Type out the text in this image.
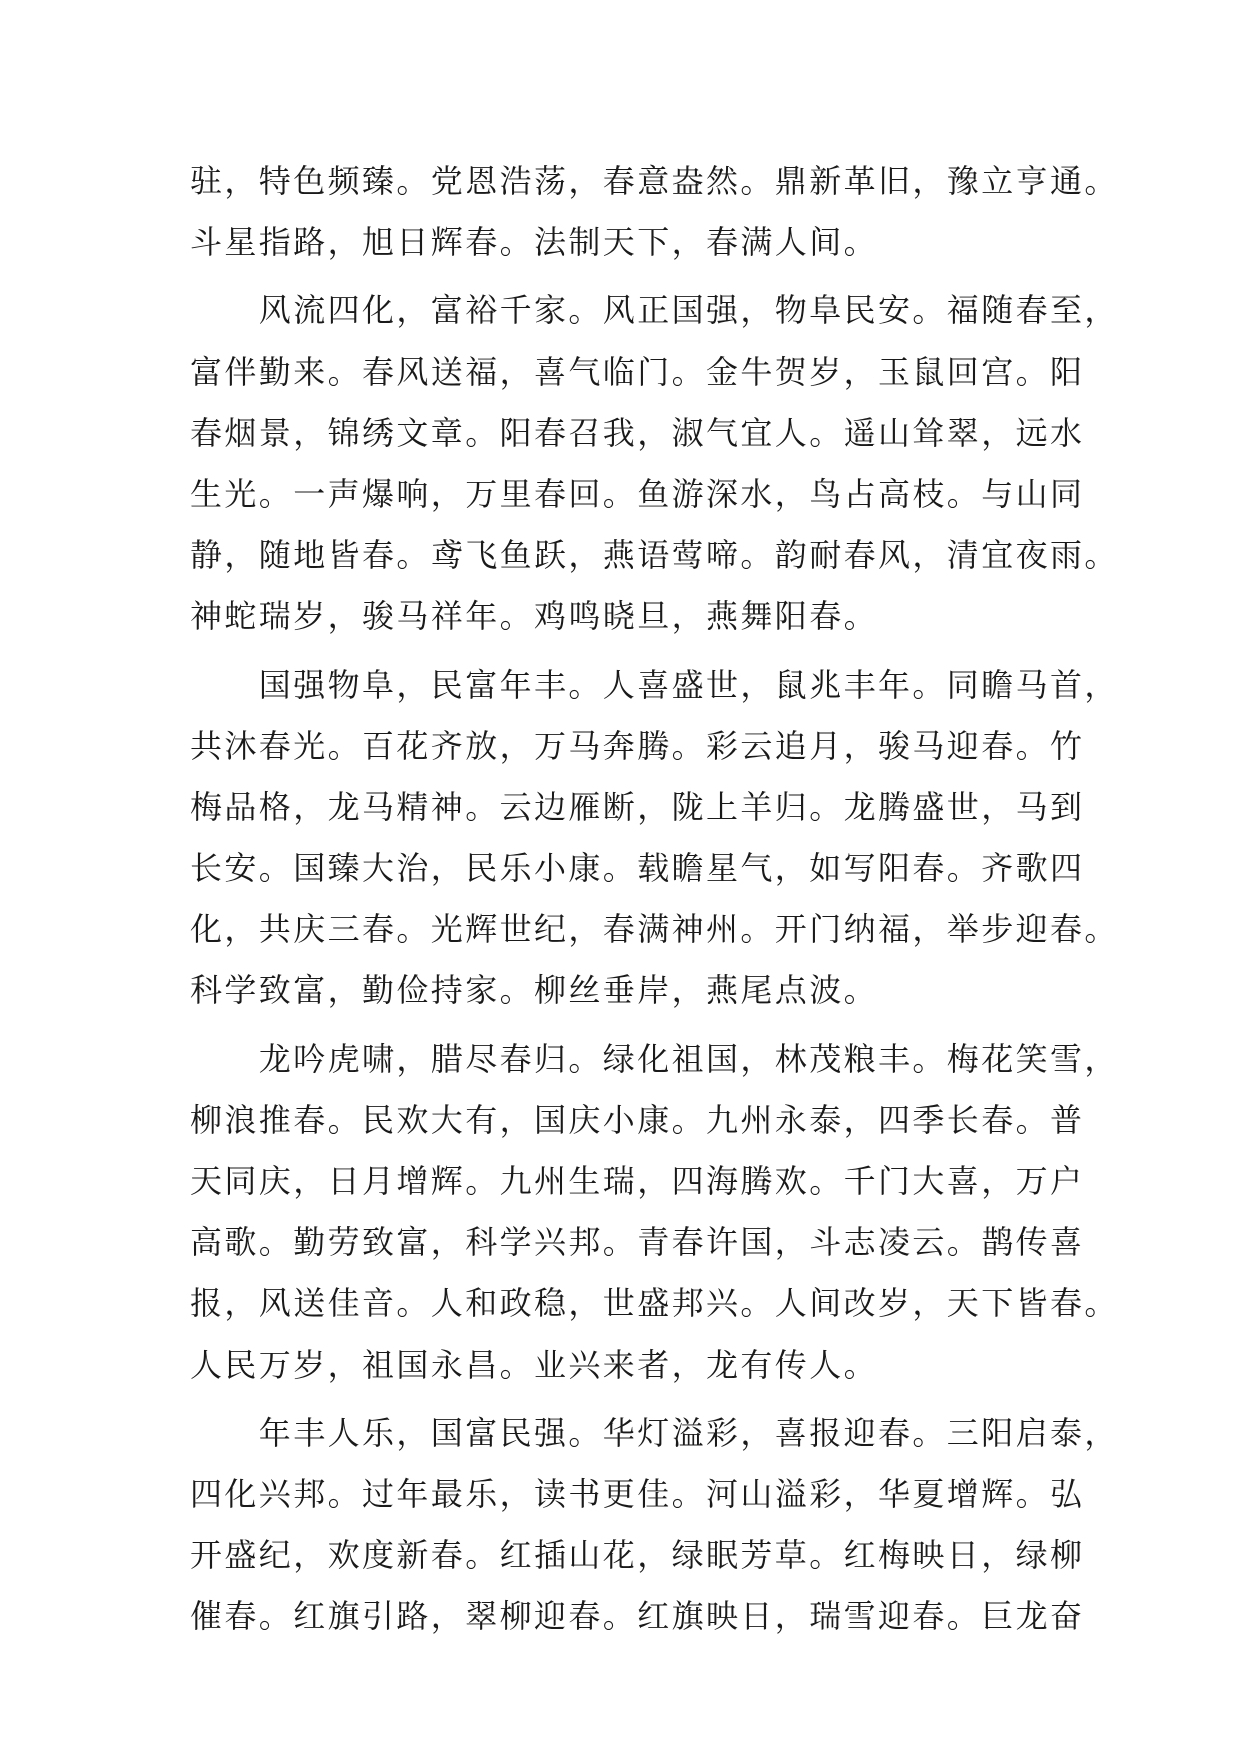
驻，特色频臻。党恩浩荡，春意盎然。鼎新革旧，豫立亨通。
斗星指路，旭日辉春。法制天下，春满人间。
　　风流四化，富裕千家。风正国强，物阜民安。福随春至，
富伴勤来。春风送福，喜气临门。金牛贺岁，玉鼠回宫。阳
春烟景，锦绣文章。阳春召我，淑气宜人。遥山耸翠，远水
生光。一声爆响，万里春回。鱼游深水，鸟占高枝。与山同
静，随地皆春。鸢飞鱼跃，燕语莺啼。韵耐春风，清宜夜雨。
神蛇瑞岁，骏马祥年。鸡鸣晓旦，燕舞阳春。
　　国强物阜，民富年丰。人喜盛世，鼠兆丰年。同瞻马首，
共沐春光。百花齐放，万马奔腾。彩云追月，骏马迎春。竹
梅品格，龙马精神。云边雁断，陇上羊归。龙腾盛世，马到
长安。国臻大治，民乐小康。载瞻星气，如写阳春。齐歌四
化，共庆三春。光辉世纪，春满神州。开门纳福，举步迎春。
科学致富，勤俭持家。柳丝垂岸，燕尾点波。
　　龙吟虎啸，腊尽春归。绿化祖国，林茂粮丰。梅花笑雪，
柳浪推春。民欢大有，国庆小康。九州永泰，四季长春。普
天同庆，日月增辉。九州生瑞，四海腾欢。千门大喜，万户
高歌。勤劳致富，科学兴邦。青春许国，斗志凌云。鹊传喜
报，风送佳音。人和政稳，世盛邦兴。人间改岁，天下皆春。
人民万岁，祖国永昌。业兴来者，龙有传人。
　　年丰人乐，国富民强。华灯溢彩，喜报迎春。三阳启泰，
四化兴邦。过年最乐，读书更佳。河山溢彩，华夏增辉。弘
开盛纪，欢度新春。红插山花，绿眠芳草。红梅映日，绿柳
催春。红旗引路，翠柳迎春。红旗映日，瑞雪迎春。巨龙奋
